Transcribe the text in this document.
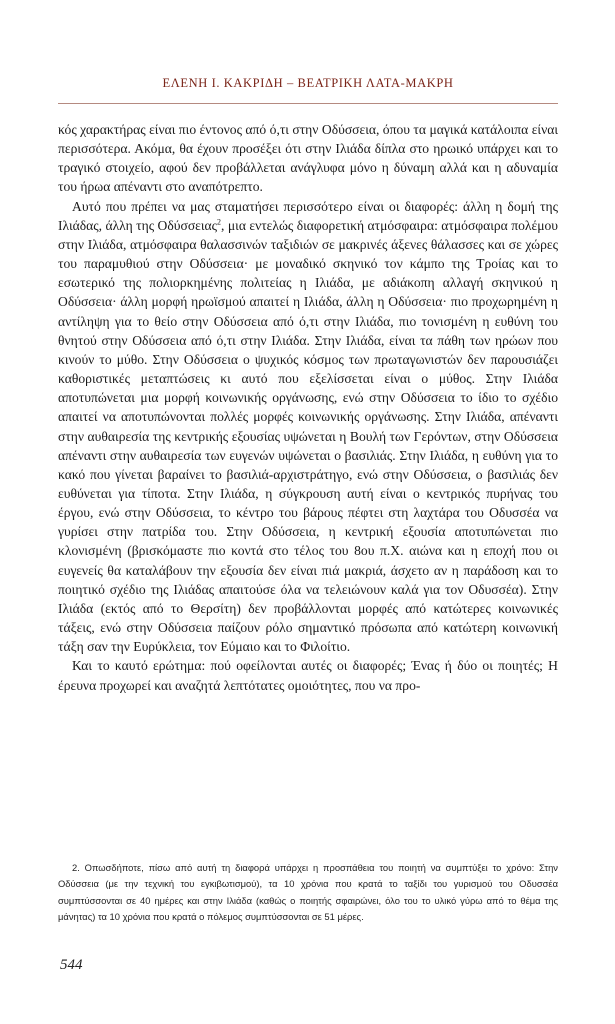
ΕΛΕΝΗ Ι. ΚΑΚΡΙΔΗ – ΒΕΑΤΡΙΚΗ ΛΑΤΑ-ΜΑΚΡΗ

κός χαρακτήρας είναι πιο έντονος από ό,τι στην Οδύσσεια, όπου τα μαγικά κατάλοιπα είναι περισσότερα. Ακόμα, θα έχουν προσέξει ότι στην Ιλιάδα δίπλα στο ηρωικό υπάρχει και το τραγικό στοιχείο, αφού δεν προβάλλεται ανάγλυφα μόνο η δύναμη αλλά και η αδυναμία του ήρωα απέναντι στο αναπότρεπτο.

Αυτό που πρέπει να μας σταματήσει περισσότερο είναι οι διαφορές: άλλη η δομή της Ιλιάδας, άλλη της Οδύσσειας$^2$, μια εντελώς διαφορετική ατμόσφαιρα: ατμόσφαιρα πολέμου στην Ιλιάδα, ατμόσφαιρα θαλασσινών ταξιδιών σε μακρινές άξενες θάλασσες και σε χώρες του παραμυθιού στην Οδύσσεια· με μοναδικό σκηνικό τον κάμπο της Τροίας και το εσωτερικό της πολιορκημένης πολιτείας η Ιλιάδα, με αδιάκοπη αλλαγή σκηνικού η Οδύσσεια· άλλη μορφή ηρωϊσμού απαιτεί η Ιλιάδα, άλλη η Οδύσσεια· πιο προχωρημένη η αντίληψη για το θείο στην Οδύσσεια από ό,τι στην Ιλιάδα, πιο τονισμένη η ευθύνη του θνητού στην Οδύσσεια από ό,τι στην Ιλιάδα. Στην Ιλιάδα, είναι τα πάθη των ηρώων που κινούν το μύθο. Στην Οδύσσεια ο ψυχικός κόσμος των πρωταγωνιστών δεν παρουσιάζει καθοριστικές μεταπτώσεις κι αυτό που εξελίσσεται είναι ο μύθος. Στην Ιλιάδα αποτυπώνεται μια μορφή κοινωνικής οργάνωσης, ενώ στην Οδύσσεια το ίδιο το σχέδιο απαιτεί να αποτυπώνονται πολλές μορφές κοινωνικής οργάνωσης. Στην Ιλιάδα, απέναντι στην αυθαιρεσία της κεντρικής εξουσίας υψώνεται η Βουλή των Γερόντων, στην Οδύσσεια απέναντι στην αυθαιρεσία των ευγενών υψώνεται ο βασιλιάς. Στην Ιλιάδα, η ευθύνη για το κακό που γίνεται βαραίνει το βασιλιά-αρχιστράτηγο, ενώ στην Οδύσσεια, ο βασιλιάς δεν ευθύνεται για τίποτα. Στην Ιλιάδα, η σύγκρουση αυτή είναι ο κεντρικός πυρήνας του έργου, ενώ στην Οδύσσεια, το κέντρο του βάρους πέφτει στη λαχτάρα του Οδυσσέα να γυρίσει στην πατρίδα του. Στην Οδύσσεια, η κεντρική εξουσία αποτυπώνεται πιο κλονισμένη (βρισκόμαστε πιο κοντά στο τέλος του 8ου π.Χ. αιώνα και η εποχή που οι ευγενείς θα καταλάβουν την εξουσία δεν είναι πιά μακριά, άσχετο αν η παράδοση και το ποιητικό σχέδιο της Ιλιάδας απαιτούσε όλα να τελειώνουν καλά για τον Οδυσσέα). Στην Ιλιάδα (εκτός από το Θερσίτη) δεν προβάλλονται μορφές από κατώτερες κοινωνικές τάξεις, ενώ στην Οδύσσεια παίζουν ρόλο σημαντικό πρόσωπα από κατώτερη κοινωνική τάξη σαν την Ευρύκλεια, τον Εύμαιο και το Φιλοίτιο.

Και το καυτό ερώτημα: πού οφείλονται αυτές οι διαφορές; Ένας ή δύο οι ποιητές; Η έρευνα προχωρεί και αναζητά λεπτότατες ομοιότητες, που να προ-

2. Οπωσδήποτε, πίσω από αυτή τη διαφορά υπάρχει η προσπάθεια του ποιητή να συμπτύξει το χρόνο: Στην Οδύσσεια (με την τεχνική του εγκιβωτισμού), τα 10 χρόνια που κρατά το ταξίδι του γυρισμού του Οδυσσέα συμπτύσσονται σε 40 ημέρες και στην Ιλιάδα (καθώς ο ποιητής σφαιρώνει, όλο του το υλικό γύρω από το θέμα της μάνητας) τα 10 χρόνια που κρατά ο πόλεμος συμπτύσσονται σε 51 μέρες.

544
